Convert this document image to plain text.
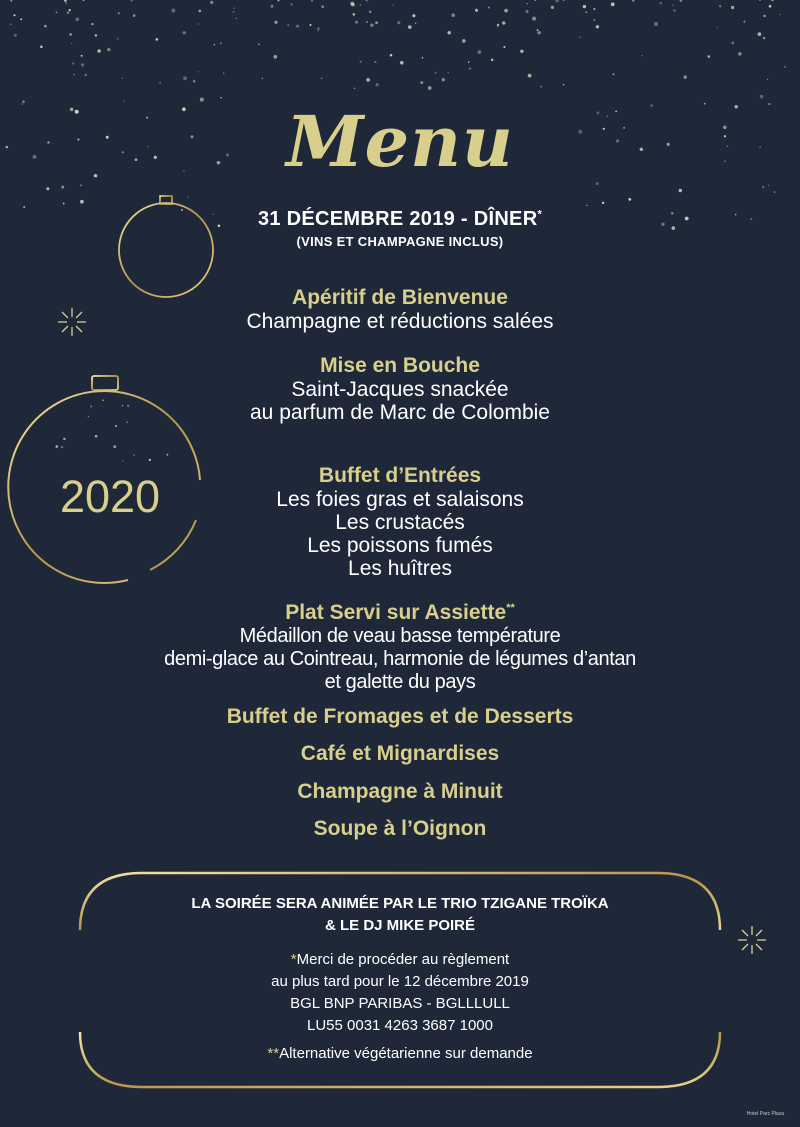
2020
Menu
31 DÉCEMBRE 2019 - DÎNER*
(VINS ET CHAMPAGNE INCLUS)
Apéritif de Bienvenue
Champagne et réductions salées
Mise en Bouche
Saint-Jacques snackée
au parfum de Marc de Colombie
Buffet d’Entrées
Les foies gras et salaisons
Les crustacés
Les poissons fumés
Les huîtres
Plat Servi sur Assiette**
Médaillon de veau basse température
demi-glace au Cointreau, harmonie de légumes d’antan
et galette du pays
Buffet de Fromages et de Desserts
Café et Mignardises
Champagne à Minuit
Soupe à l’Oignon
LA SOIRÉE SERA ANIMÉE PAR LE TRIO TZIGANE TROÏKA
& LE DJ MIKE POIRÉ
*Merci de procéder au règlement
au plus tard pour le 12 décembre 2019
BGL BNP PARIBAS - BGLLLULL
LU55 0031 4263 3687 1000
**Alternative végétarienne sur demande
Hotel Parc Plaza
